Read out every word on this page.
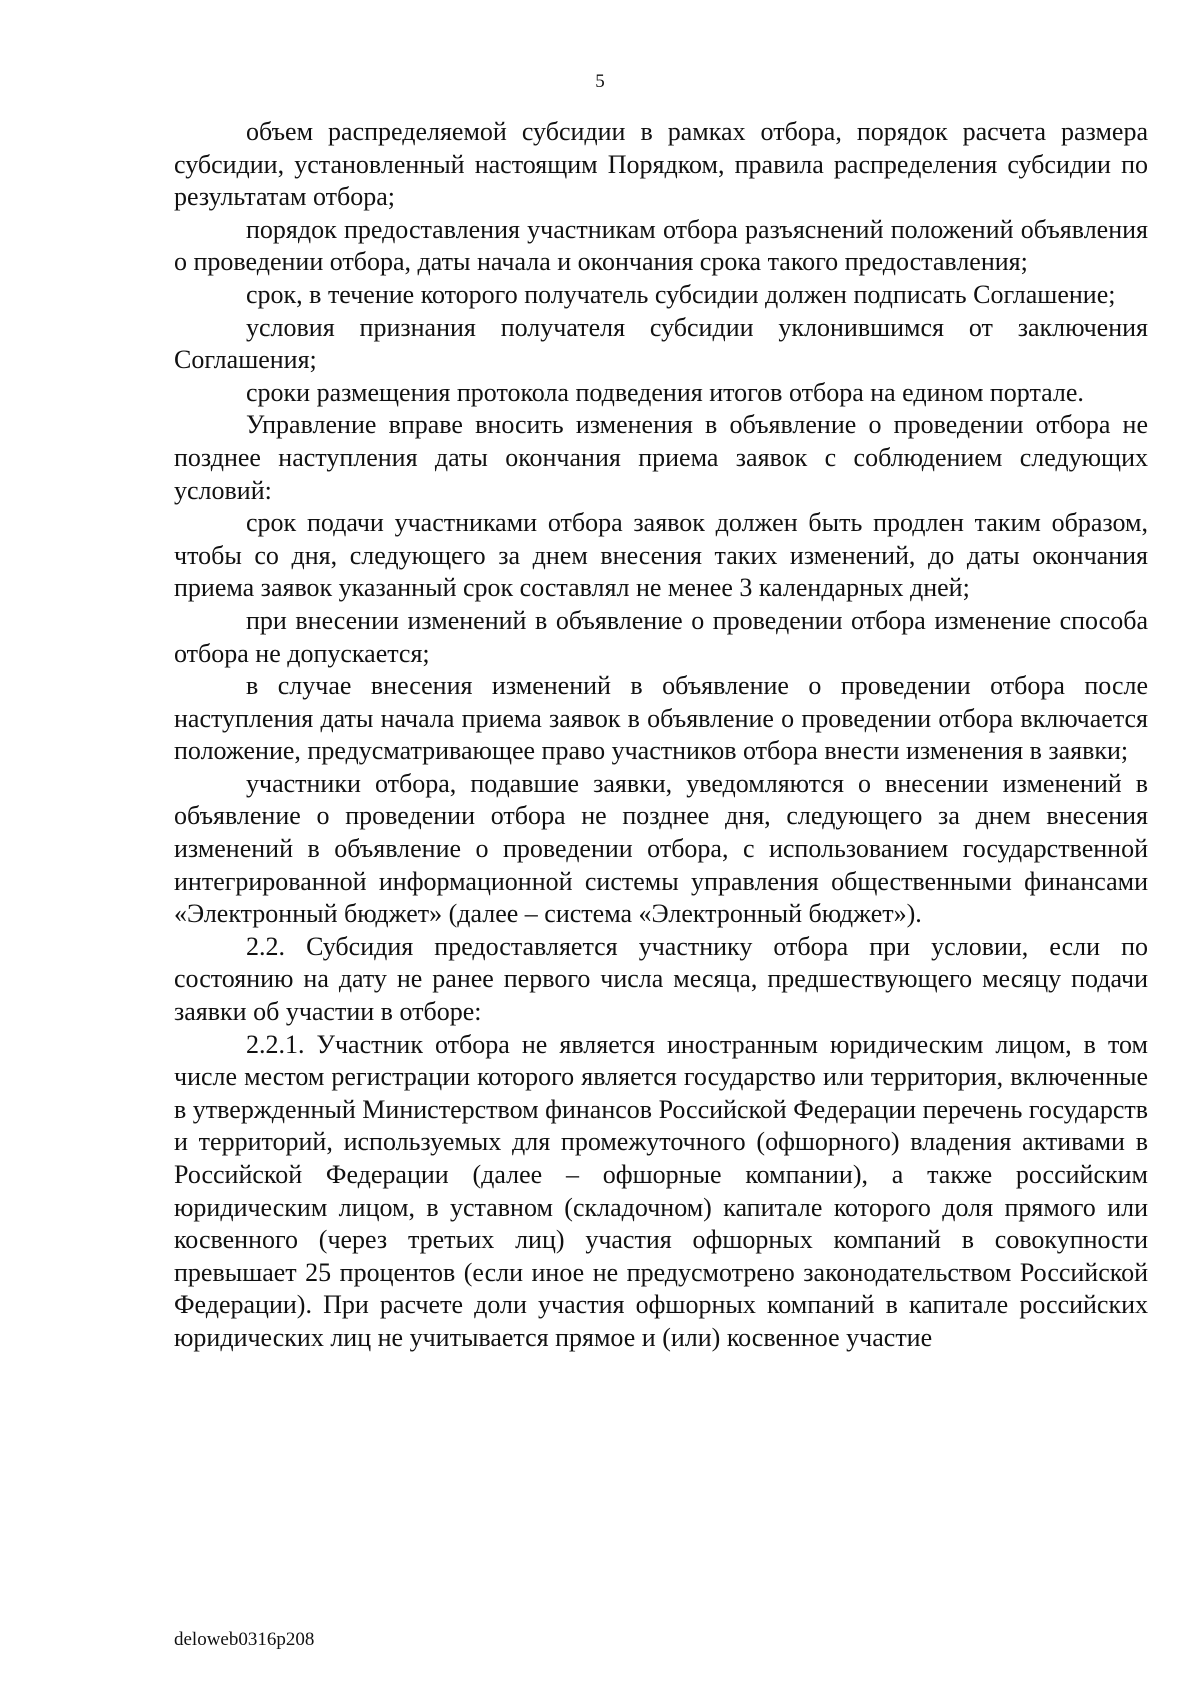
5

объем распределяемой субсидии в рамках отбора, порядок расчета размера субсидии, установленный настоящим Порядком, правила распределения субсидии по результатам отбора;

порядок предоставления участникам отбора разъяснений положений объявления о проведении отбора, даты начала и окончания срока такого предоставления;

срок, в течение которого получатель субсидии должен подписать Соглашение;

условия признания получателя субсидии уклонившимся от заключения Соглашения;

сроки размещения протокола подведения итогов отбора на едином портале.

Управление вправе вносить изменения в объявление о проведении отбора не позднее наступления даты окончания приема заявок с соблюдением следующих условий:

срок подачи участниками отбора заявок должен быть продлен таким образом, чтобы со дня, следующего за днем внесения таких изменений, до даты окончания приема заявок указанный срок составлял не менее 3 календарных дней;

при внесении изменений в объявление о проведении отбора изменение способа отбора не допускается;

в случае внесения изменений в объявление о проведении отбора после наступления даты начала приема заявок в объявление о проведении отбора включается положение, предусматривающее право участников отбора внести изменения в заявки;

участники отбора, подавшие заявки, уведомляются о внесении изменений в объявление о проведении отбора не позднее дня, следующего за днем внесения изменений в объявление о проведении отбора, с использованием государственной интегрированной информационной системы управления общественными финансами «Электронный бюджет» (далее – система «Электронный бюджет»).

2.2. Субсидия предоставляется участнику отбора при условии, если по состоянию на дату не ранее первого числа месяца, предшествующего месяцу подачи заявки об участии в отборе:

2.2.1. Участник отбора не является иностранным юридическим лицом, в том числе местом регистрации которого является государство или территория, включенные в утвержденный Министерством финансов Российской Федерации перечень государств и территорий, используемых для промежуточного (офшорного) владения активами в Российской Федерации (далее – офшорные компании), а также российским юридическим лицом, в уставном (складочном) капитале которого доля прямого или косвенного (через третьих лиц) участия офшорных компаний в совокупности превышает 25 процентов (если иное не предусмотрено законодательством Российской Федерации). При расчете доли участия офшорных компаний в капитале российских юридических лиц не учитывается прямое и (или) косвенное участие

deloweb0316p208
